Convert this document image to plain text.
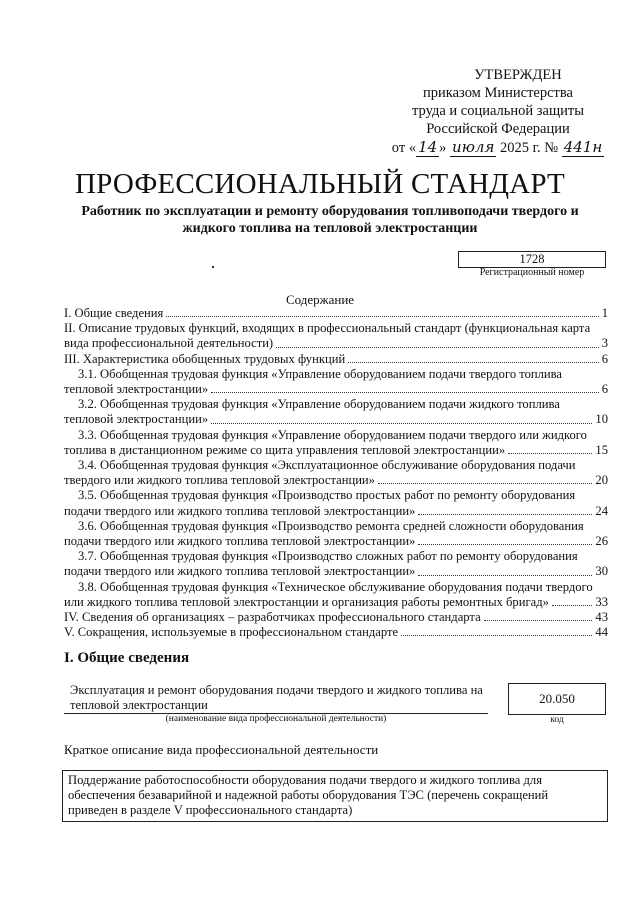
УТВЕРЖДЕН
приказом Министерства
труда и социальной защиты
Российской Федерации
от « 14 » июля 2025 г. № 441н
ПРОФЕССИОНАЛЬНЫЙ СТАНДАРТ
Работник по эксплуатации и ремонту оборудования топливоподачи твердого и жидкого топлива на тепловой электростанции
1728
Регистрационный номер
Содержание
I. Общие сведения	1
II. Описание трудовых функций, входящих в профессиональный стандарт (функциональная карта
вида профессиональной деятельности)	3
III. Характеристика обобщенных трудовых функций	6
3.1. Обобщенная трудовая функция «Управление оборудованием подачи твердого топлива
тепловой электростанции»	6
3.2. Обобщенная трудовая функция «Управление оборудованием подачи жидкого топлива
тепловой электростанции»	10
3.3. Обобщенная трудовая функция «Управление оборудованием подачи твердого или жидкого
топлива в дистанционном режиме со щита управления тепловой электростанции»	15
3.4. Обобщенная трудовая функция «Эксплуатационное обслуживание оборудования подачи
твердого или жидкого топлива тепловой электростанции»	20
3.5. Обобщенная трудовая функция «Производство простых работ по ремонту оборудования
подачи твердого или жидкого топлива тепловой электростанции»	24
3.6. Обобщенная трудовая функция «Производство ремонта средней сложности оборудования
подачи твердого или жидкого топлива тепловой электростанции»	26
3.7. Обобщенная трудовая функция «Производство сложных работ по ремонту оборудования
подачи твердого или жидкого топлива тепловой электростанции»	30
3.8. Обобщенная трудовая функция «Техническое обслуживание оборудования подачи твердого
или жидкого топлива тепловой электростанции и организация работы ремонтных бригад»	33
IV. Сведения об организациях – разработчиках профессионального стандарта	43
V. Сокращения, используемые в профессиональном стандарте	44
I. Общие сведения
Эксплуатация и ремонт оборудования подачи твердого и жидкого топлива на тепловой электростанции
(наименование вида профессиональной деятельности)
20.050
код
Краткое описание вида профессиональной деятельности
Поддержание работоспособности оборудования подачи твердого и жидкого топлива для обеспечения безаварийной и надежной работы оборудования ТЭС (перечень сокращений приведен в разделе V профессионального стандарта)
